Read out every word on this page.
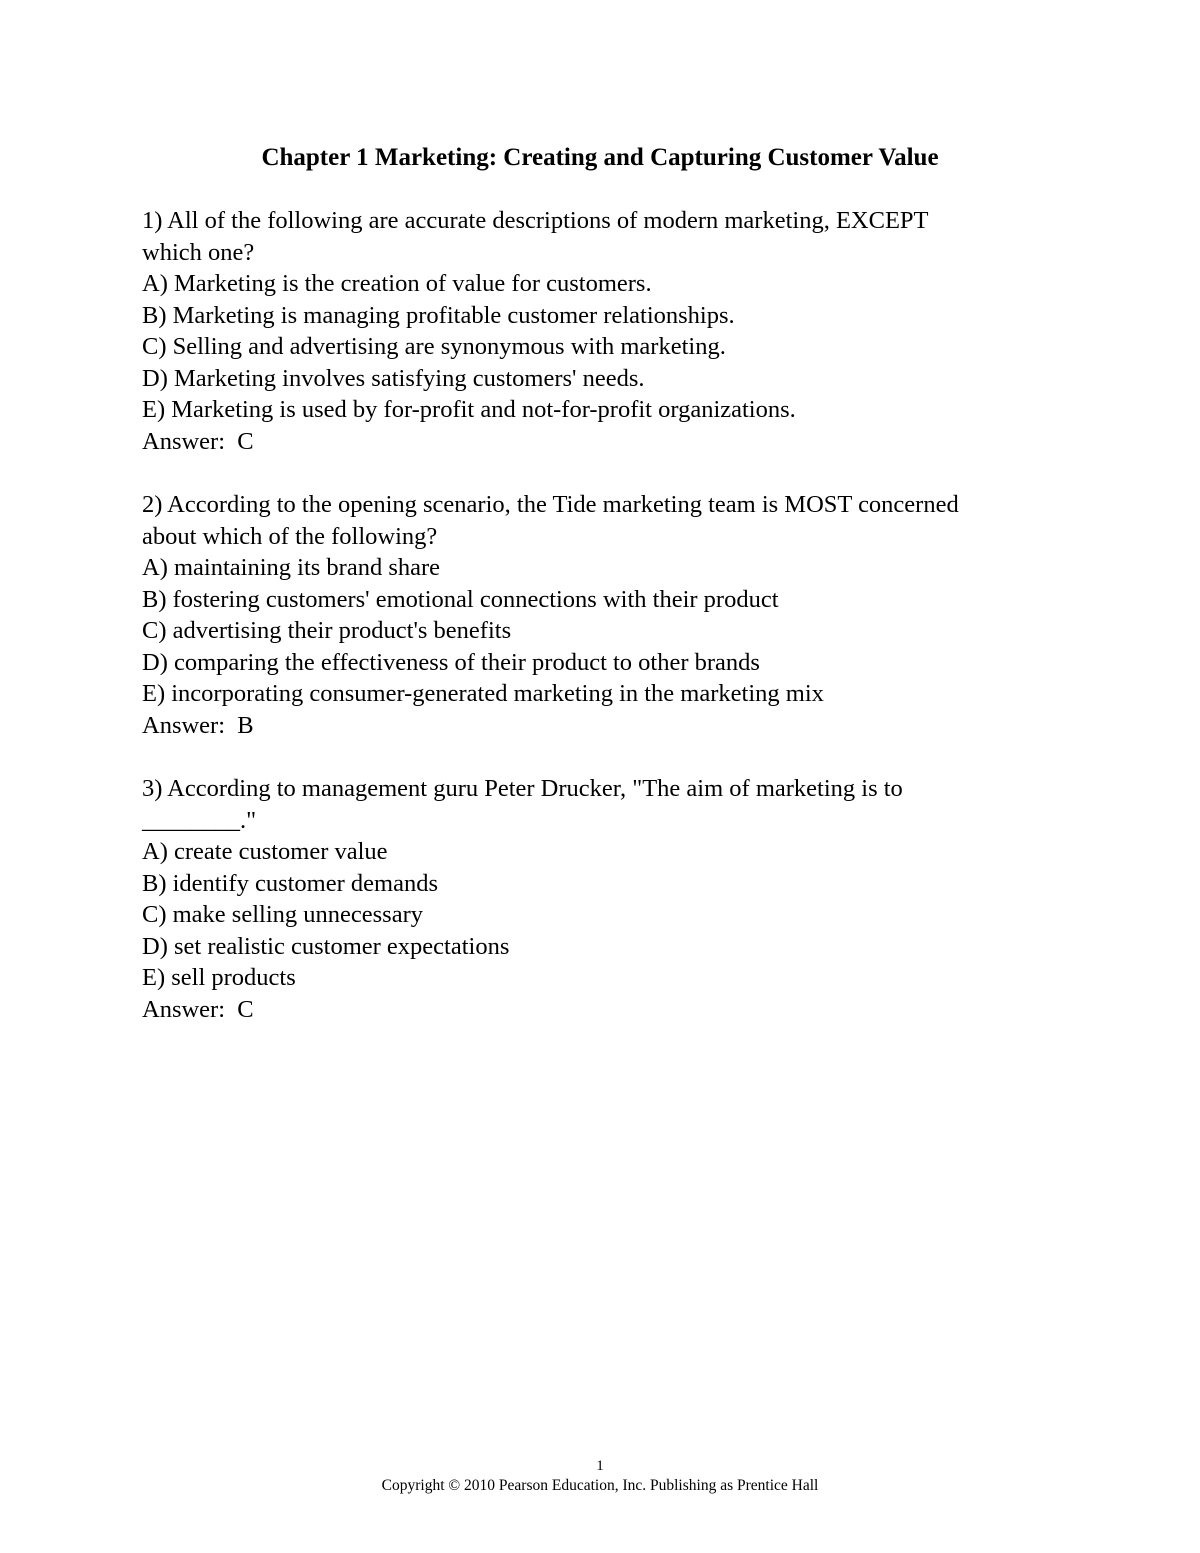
Chapter 1 Marketing: Creating and Capturing Customer Value
1) All of the following are accurate descriptions of modern marketing, EXCEPT
which one?
A) Marketing is the creation of value for customers.
B) Marketing is managing profitable customer relationships.
C) Selling and advertising are synonymous with marketing.
D) Marketing involves satisfying customers' needs.
E) Marketing is used by for-profit and not-for-profit organizations.
Answer:  C
2) According to the opening scenario, the Tide marketing team is MOST concerned
about which of the following?
A) maintaining its brand share
B) fostering customers' emotional connections with their product
C) advertising their product's benefits
D) comparing the effectiveness of their product to other brands
E) incorporating consumer-generated marketing in the marketing mix
Answer:  B
3) According to management guru Peter Drucker, "The aim of marketing is to
________."
A) create customer value
B) identify customer demands
C) make selling unnecessary
D) set realistic customer expectations
E) sell products
Answer:  C
1
Copyright © 2010 Pearson Education, Inc. Publishing as Prentice Hall
